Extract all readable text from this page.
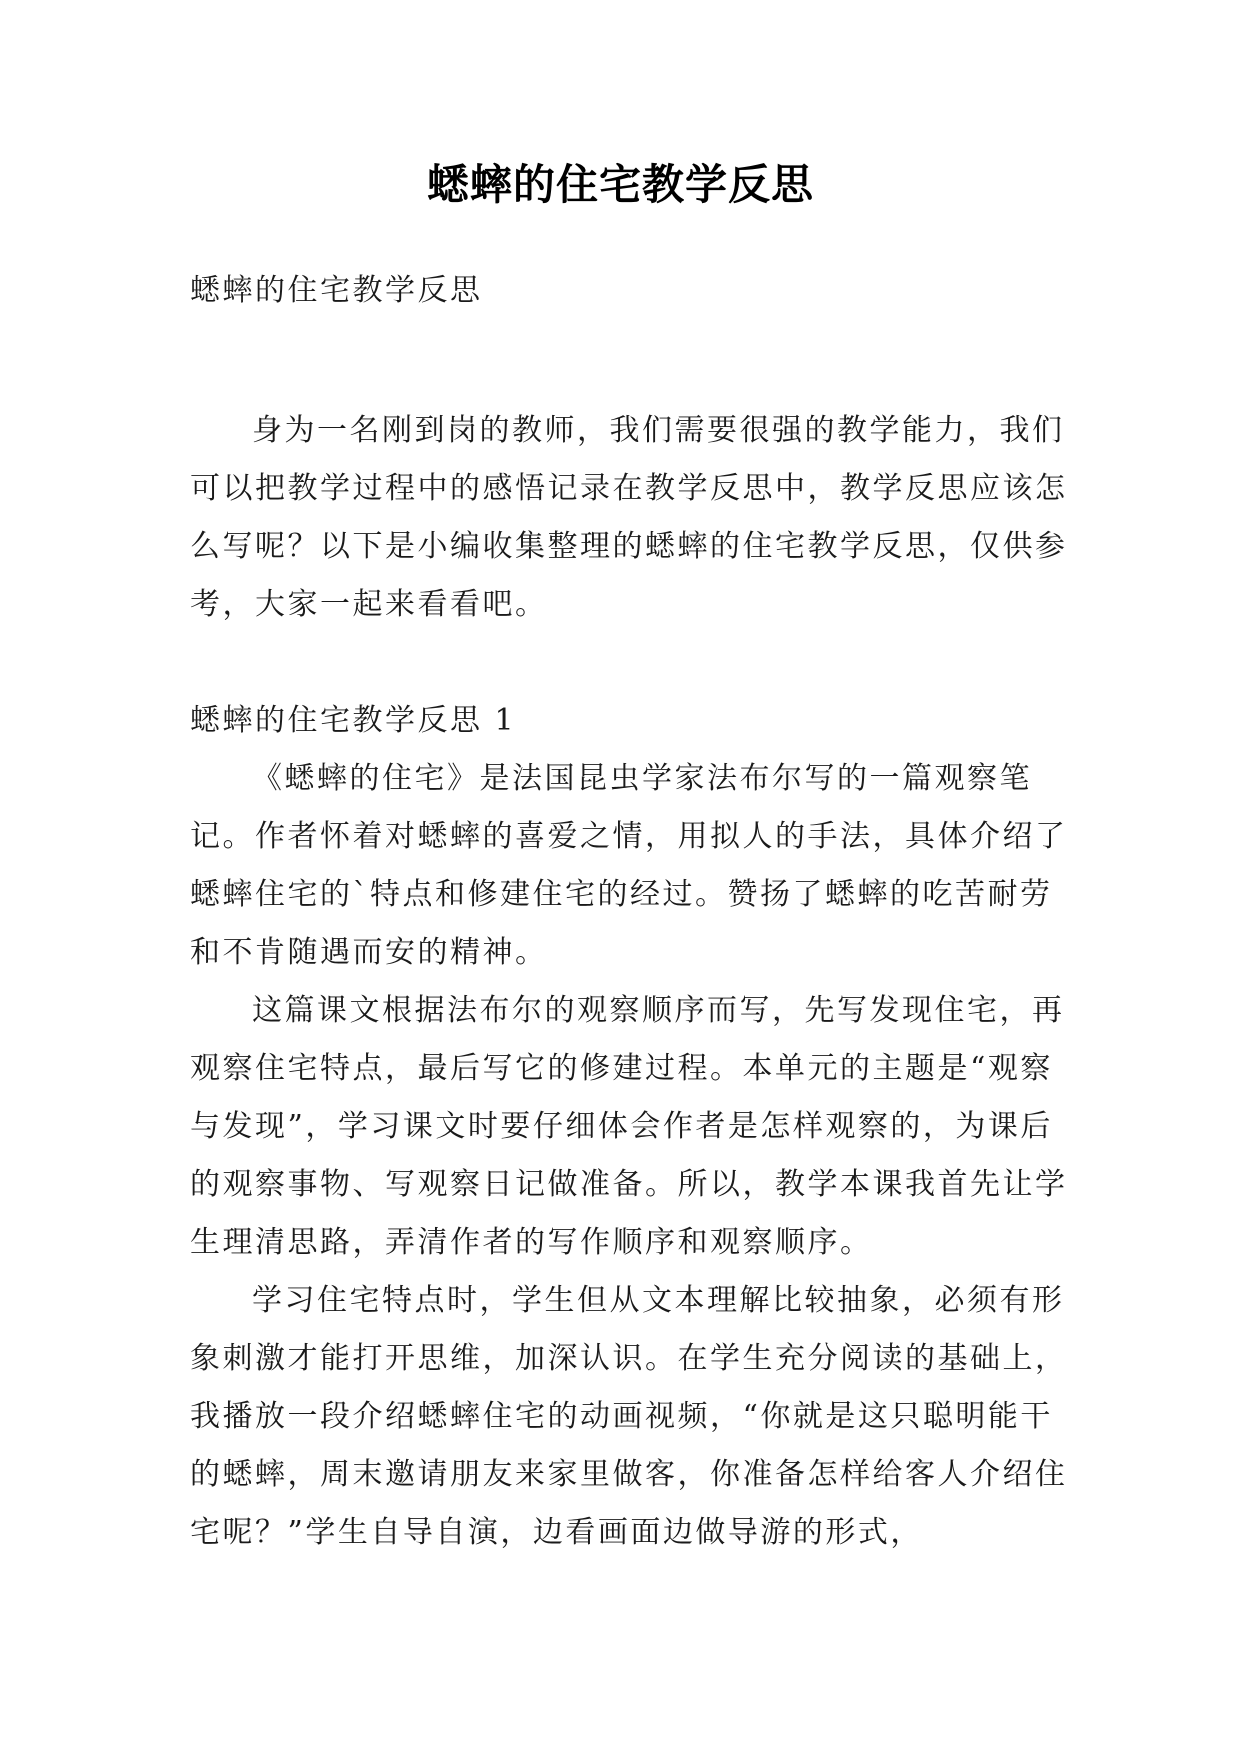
蟋蟀的住宅教学反思

蟋蟀的住宅教学反思

身为一名刚到岗的教师，我们需要很强的教学能力，我们可以把教学过程中的感悟记录在教学反思中，教学反思应该怎么写呢？以下是小编收集整理的蟋蟀的住宅教学反思，仅供参考，大家一起来看看吧。

蟋蟀的住宅教学反思 1

《蟋蟀的住宅》是法国昆虫学家法布尔写的一篇观察笔记。作者怀着对蟋蟀的喜爱之情，用拟人的手法，具体介绍了蟋蟀住宅的`特点和修建住宅的经过。赞扬了蟋蟀的吃苦耐劳和不肯随遇而安的精神。

这篇课文根据法布尔的观察顺序而写，先写发现住宅，再观察住宅特点，最后写它的修建过程。本单元的主题是“观察与发现”，学习课文时要仔细体会作者是怎样观察的，为课后的观察事物、写观察日记做准备。所以，教学本课我首先让学生理清思路，弄清作者的写作顺序和观察顺序。

学习住宅特点时，学生但从文本理解比较抽象，必须有形象刺激才能打开思维，加深认识。在学生充分阅读的基础上，我播放一段介绍蟋蟀住宅的动画视频，“你就是这只聪明能干的蟋蟀，周末邀请朋友来家里做客，你准备怎样给客人介绍住宅呢？”学生自导自演，边看画面边做导游的形式，
